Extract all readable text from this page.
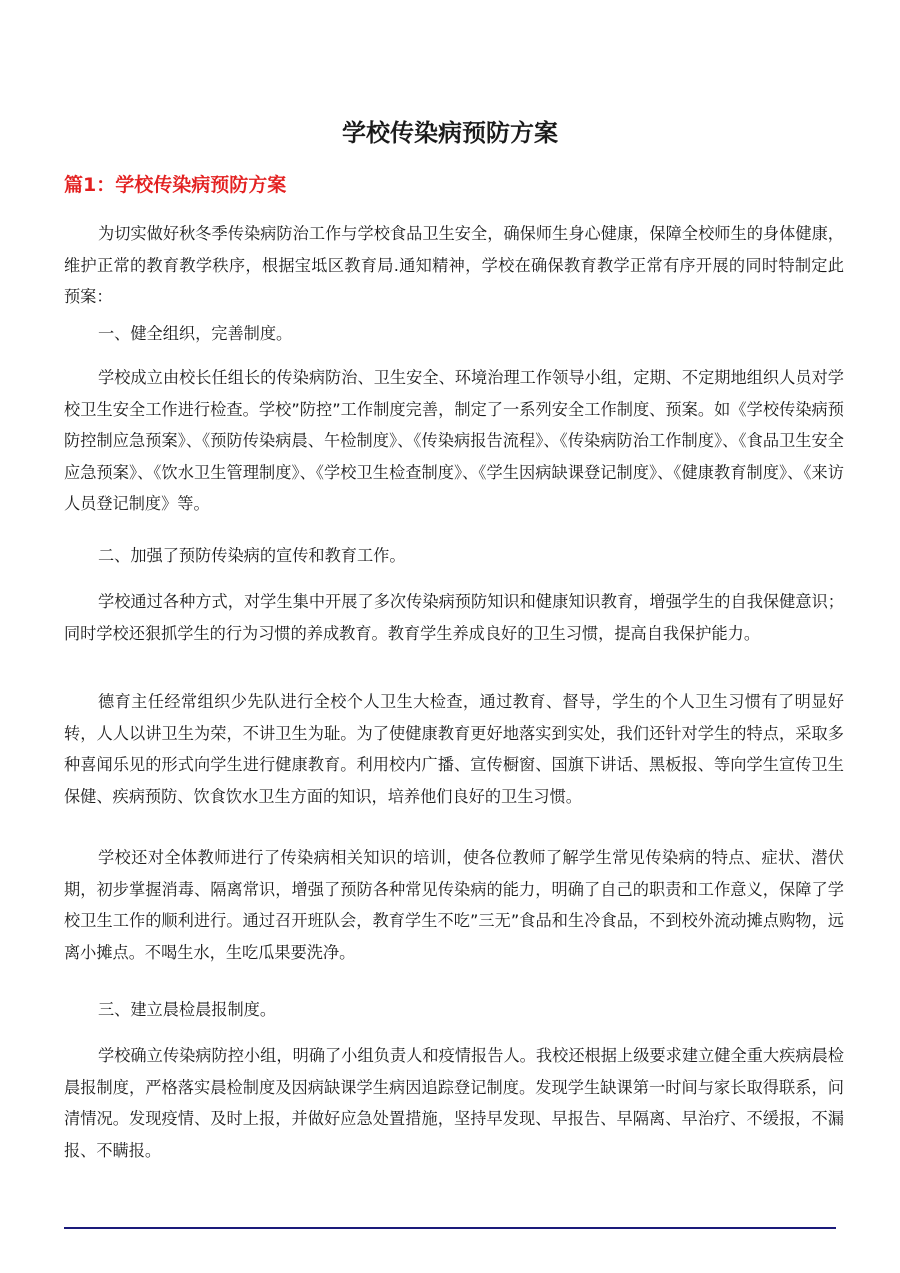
学校传染病预防方案
篇1：学校传染病预防方案

为切实做好秋冬季传染病防治工作与学校食品卫生安全，确保师生身心健康，保障全校师生的身体健康，维护正常的教育教学秩序，根据宝坻区教育局.通知精神，学校在确保教育教学正常有序开展的同时特制定此预案：

一、健全组织，完善制度。

学校成立由校长任组长的传染病防治、卫生安全、环境治理工作领导小组，定期、不定期地组织人员对学校卫生安全工作进行检查。学校”防控”工作制度完善，制定了一系列安全工作制度、预案。如《学校传染病预防控制应急预案》、《预防传染病晨、午检制度》、《传染病报告流程》、《传染病防治工作制度》、《食品卫生安全应急预案》、《饮水卫生管理制度》、《学校卫生检查制度》、《学生因病缺课登记制度》、《健康教育制度》、《来访人员登记制度》等。

二、加强了预防传染病的宣传和教育工作。

学校通过各种方式，对学生集中开展了多次传染病预防知识和健康知识教育，增强学生的自我保健意识；同时学校还狠抓学生的行为习惯的养成教育。教育学生养成良好的卫生习惯，提高自我保护能力。

德育主任经常组织少先队进行全校个人卫生大检查，通过教育、督导，学生的个人卫生习惯有了明显好转，人人以讲卫生为荣，不讲卫生为耻。为了使健康教育更好地落实到实处，我们还针对学生的特点，采取多种喜闻乐见的形式向学生进行健康教育。利用校内广播、宣传橱窗、国旗下讲话、黑板报、等向学生宣传卫生保健、疾病预防、饮食饮水卫生方面的知识，培养他们良好的卫生习惯。

学校还对全体教师进行了传染病相关知识的培训，使各位教师了解学生常见传染病的特点、症状、潜伏期，初步掌握消毒、隔离常识，增强了预防各种常见传染病的能力，明确了自己的职责和工作意义，保障了学校卫生工作的顺利进行。通过召开班队会，教育学生不吃”三无”食品和生冷食品，不到校外流动摊点购物，远离小摊点。不喝生水，生吃瓜果要洗净。

三、建立晨检晨报制度。

学校确立传染病防控小组，明确了小组负责人和疫情报告人。我校还根据上级要求建立健全重大疾病晨检晨报制度，严格落实晨检制度及因病缺课学生病因追踪登记制度。发现学生缺课第一时间与家长取得联系，问清情况。发现疫情、及时上报，并做好应急处置措施，坚持早发现、早报告、早隔离、早治疗、不缓报，不漏报、不瞒报。
